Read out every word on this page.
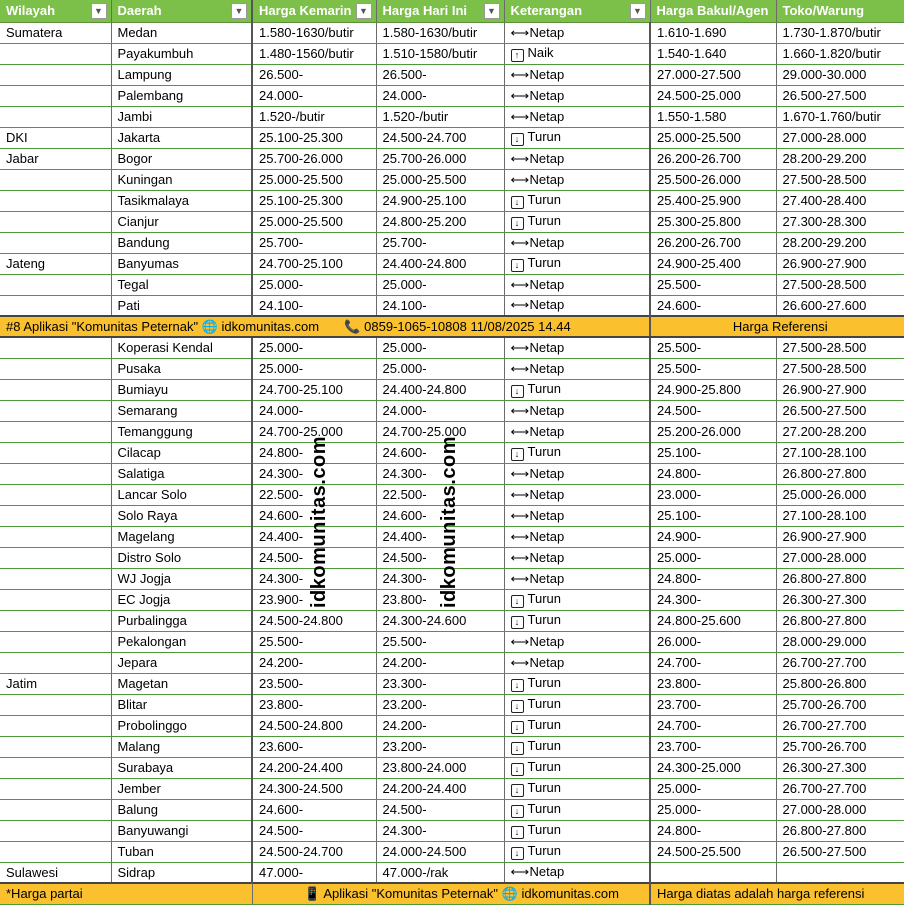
Wilayah ▼	Daerah ▼	Harga Kemarin ▼	Harga Hari Ini ▼	Keterangan ▼	Harga Bakul/Agen	Toko/Warung
Sumatera	Medan	1.580-1630/butir	1.580-1630/butir	⟷Netap	1.610-1.690	1.730-1.870/butir
	Payakumbuh	1.480-1560/butir	1.510-1580/butir	↑ Naik	1.540-1.640	1.660-1.820/butir
	Lampung	26.500-	26.500-	⟷Netap	27.000-27.500	29.000-30.000
	Palembang	24.000-	24.000-	⟷Netap	24.500-25.000	26.500-27.500
	Jambi	1.520-/butir	1.520-/butir	⟷Netap	1.550-1.580	1.670-1.760/butir
DKI	Jakarta	25.100-25.300	24.500-24.700	↓ Turun	25.000-25.500	27.000-28.000
Jabar	Bogor	25.700-26.000	25.700-26.000	⟷Netap	26.200-26.700	28.200-29.200
	Kuningan	25.000-25.500	25.000-25.500	⟷Netap	25.500-26.000	27.500-28.500
	Tasikmalaya	25.100-25.300	24.900-25.100	↓ Turun	25.400-25.900	27.400-28.400
	Cianjur	25.000-25.500	24.800-25.200	↓ Turun	25.300-25.800	27.300-28.300
	Bandung	25.700-	25.700-	⟷Netap	26.200-26.700	28.200-29.200
Jateng	Banyumas	24.700-25.100	24.400-24.800	↓ Turun	24.900-25.400	26.900-27.900
	Tegal	25.000-	25.000-	⟷Netap	25.500-	27.500-28.500
	Pati	24.100-	24.100-	⟷Netap	24.600-	26.600-27.600
#8 Aplikasi "Komunitas Peternak" 🌐 idkomunitas.com 📞 0859-1065-10808 11/08/2025 14.44					Harga Referensi	
	Koperasi Kendal	25.000-	25.000-	⟷Netap	25.500-	27.500-28.500
	Pusaka	25.000-	25.000-	⟷Netap	25.500-	27.500-28.500
	Bumiayu	24.700-25.100	24.400-24.800	↓ Turun	24.900-25.800	26.900-27.900
	Semarang	24.000-	24.000-	⟷Netap	24.500-	26.500-27.500
	Temanggung	24.700-25.000	24.700-25.000	⟷Netap	25.200-26.000	27.200-28.200
	Cilacap	24.800-	24.600-	↓ Turun	25.100-	27.100-28.100
	Salatiga	24.300-	24.300-	⟷Netap	24.800-	26.800-27.800
	Lancar Solo	22.500-	22.500-	⟷Netap	23.000-	25.000-26.000
	Solo Raya	24.600-	24.600-	⟷Netap	25.100-	27.100-28.100
	Magelang	24.400-	24.400-	⟷Netap	24.900-	26.900-27.900
	Distro Solo	24.500-	24.500-	⟷Netap	25.000-	27.000-28.000
	WJ Jogja	24.300-	24.300-	⟷Netap	24.800-	26.800-27.800
	EC Jogja	23.900-	23.800-	↓ Turun	24.300-	26.300-27.300
	Purbalingga	24.500-24.800	24.300-24.600	↓ Turun	24.800-25.600	26.800-27.800
	Pekalongan	25.500-	25.500-	⟷Netap	26.000-	28.000-29.000
	Jepara	24.200-	24.200-	⟷Netap	24.700-	26.700-27.700
Jatim	Magetan	23.500-	23.300-	↓ Turun	23.800-	25.800-26.800
	Blitar	23.800-	23.200-	↓ Turun	23.700-	25.700-26.700
	Probolinggo	24.500-24.800	24.200-	↓ Turun	24.700-	26.700-27.700
	Malang	23.600-	23.200-	↓ Turun	23.700-	25.700-26.700
	Surabaya	24.200-24.400	23.800-24.000	↓ Turun	24.300-25.000	26.300-27.300
	Jember	24.300-24.500	24.200-24.400	↓ Turun	25.000-	26.700-27.700
	Balung	24.600-	24.500-	↓ Turun	25.000-	27.000-28.000
	Banyuwangi	24.500-	24.300-	↓ Turun	24.800-	26.800-27.800
	Tuban	24.500-24.700	24.000-24.500	↓ Turun	24.500-25.500	26.500-27.500
Sulawesi	Sidrap	47.000-	47.000-/rak	⟷Netap		
*Harga partai		📱 Aplikasi "Komunitas Peternak" 🌐 idkomunitas.com			Harga diatas adalah harga referensi	
idkomunitas.com	idkomunitas.com
